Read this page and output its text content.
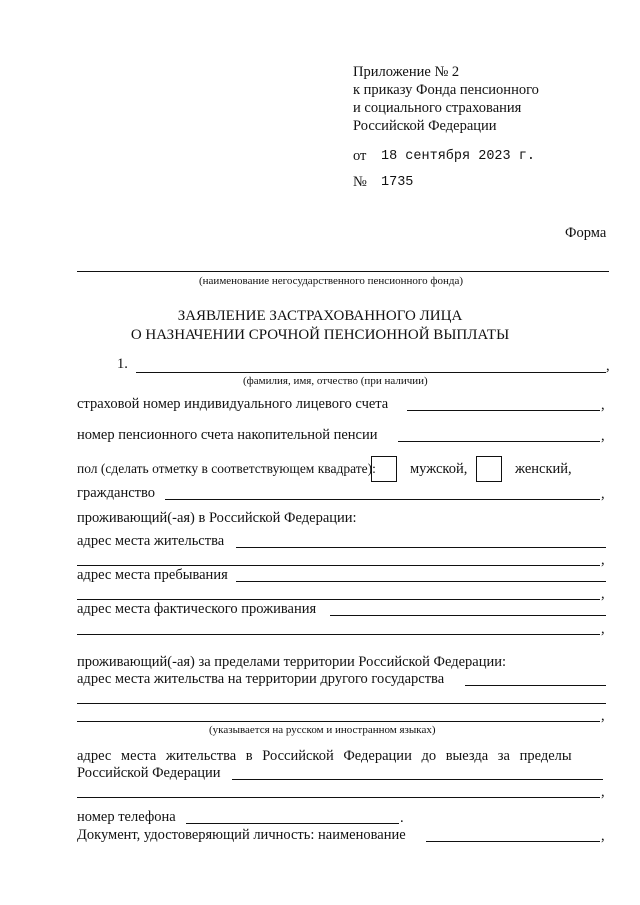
Приложение № 2
к приказу Фонда пенсионного
и социального страхования
Российской Федерации
от 18 сентября 2023 г.
№ 1735
Форма
(наименование негосударственного пенсионного фонда)
ЗАЯВЛЕНИЕ ЗАСТРАХОВАННОГО ЛИЦА
О НАЗНАЧЕНИИ СРОЧНОЙ ПЕНСИОННОЙ ВЫПЛАТЫ
1.	,
(фамилия, имя, отчество (при наличии)
страховой номер индивидуального лицевого счета	,
номер пенсионного счета накопительной пенсии	,
пол (сделать отметку в соответствующем квадрате): мужской,	женский,
гражданство	,
проживающий(-ая) в Российской Федерации:
адрес места жительства
,
адрес места пребывания
,
адрес места фактического проживания
,
проживающий(-ая) за пределами территории Российской Федерации:
адрес места жительства на территории другого государства
,
(указывается на русском и иностранном языках)
адрес места жительства в Российской Федерации до выезда за пределы
Российской Федерации
,
номер телефона	.
Документ, удостоверяющий личность: наименование	,
